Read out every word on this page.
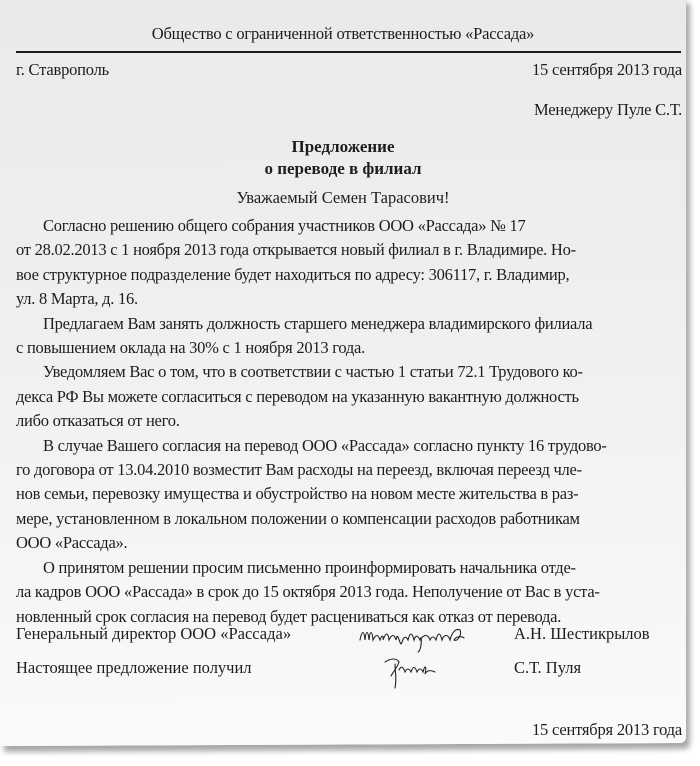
Общество с ограниченной ответственностью «Рассада»
г. Ставрополь	15 сентября 2013 года
Менеджеру Пуле С.Т.
Предложение
о переводе в филиал
Уважаемый Семен Тарасович!
Согласно решению общего собрания участников ООО «Рассада» № 17
от 28.02.2013 с 1 ноября 2013 года открывается новый филиал в г. Владимире. Но-
вое структурное подразделение будет находиться по адресу: 306117, г. Владимир,
ул. 8 Марта, д. 16.
Предлагаем Вам занять должность старшего менеджера владимирского филиала
с повышением оклада на 30% с 1 ноября 2013 года.
Уведомляем Вас о том, что в соответствии с частью 1 статьи 72.1 Трудового ко-
декса РФ Вы можете согласиться с переводом на указанную вакантную должность
либо отказаться от него.
В случае Вашего согласия на перевод ООО «Рассада» согласно пункту 16 трудово-
го договора от 13.04.2010 возместит Вам расходы на переезд, включая переезд чле-
нов семьи, перевозку имущества и обустройство на новом месте жительства в раз-
мере, установленном в локальном положении о компенсации расходов работникам
ООО «Рассада».
О принятом решении просим письменно проинформировать начальника отде-
ла кадров ООО «Рассада» в срок до 15 октября 2013 года. Неполучение от Вас в уста-
новленный срок согласия на перевод будет расцениваться как отказ от перевода.
Генеральный директор ООО «Рассада»	А.Н. Шестикрылов
Настоящее предложение получил	С.Т. Пуля
15 сентября 2013 года
